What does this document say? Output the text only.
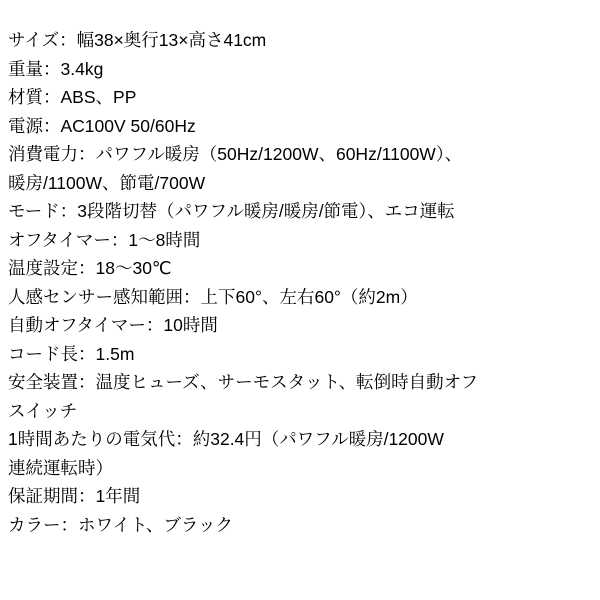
サイズ：幅38×奥行13×高さ41cm
重量：3.4kg
材質：ABS、PP
電源：AC100V 50/60Hz
消費電力：パワフル暖房（50Hz/1200W、60Hz/1100W）、
暖房/1100W、節電/700W
モード：3段階切替（パワフル暖房/暖房/節電）、エコ運転
オフタイマー：1〜8時間
温度設定：18〜30℃
人感センサー感知範囲：上下60°、左右60°（約2m）
自動オフタイマー：10時間
コード長：1.5m
安全装置：温度ヒューズ、サーモスタット、転倒時自動オフ
スイッチ
1時間あたりの電気代：約32.4円（パワフル暖房/1200W
連続運転時）
保証期間：1年間
カラー：ホワイト、ブラック
